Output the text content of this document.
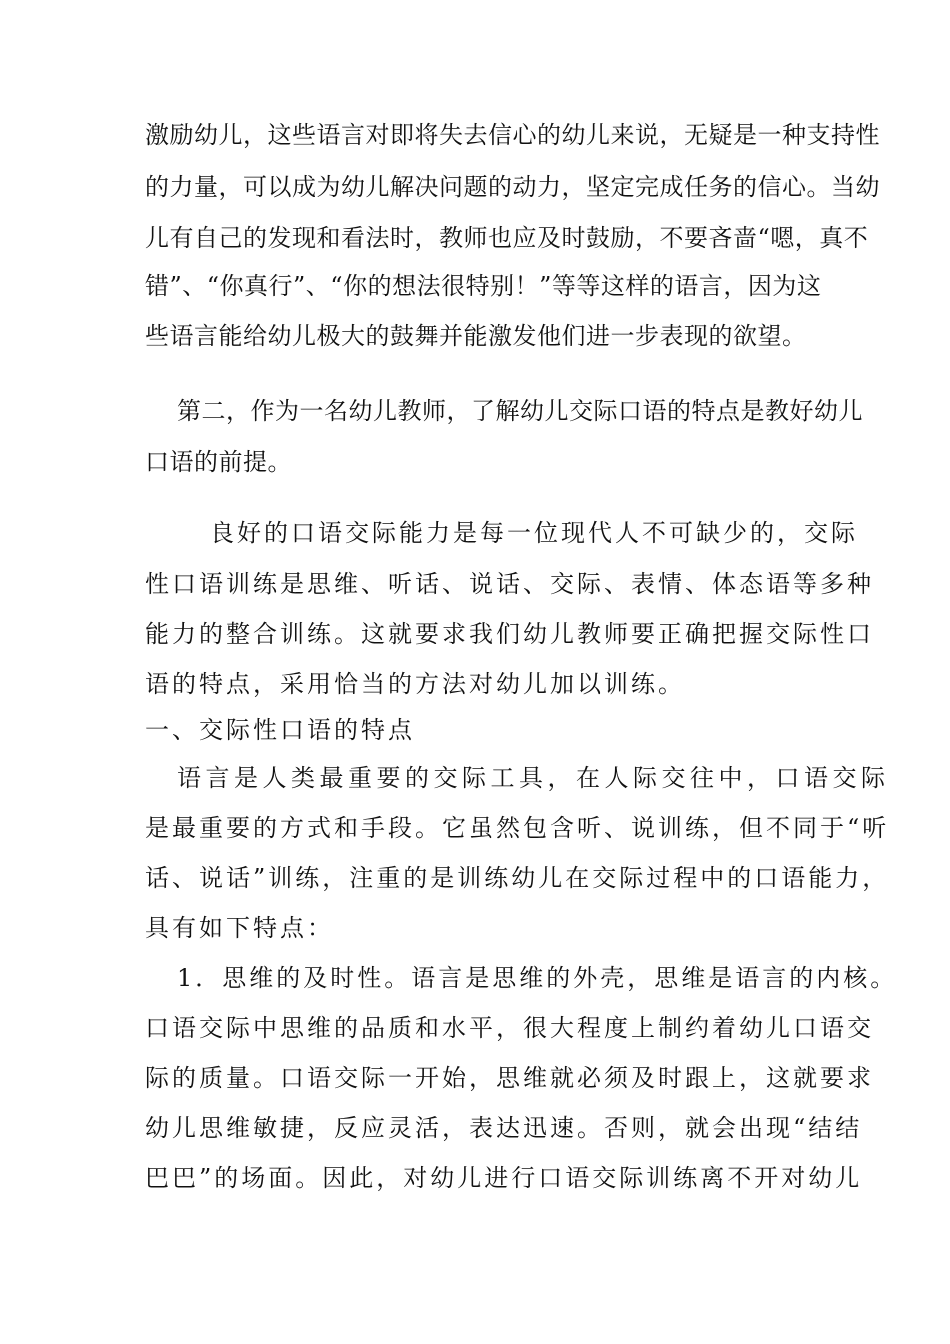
激励幼儿，这些语言对即将失去信心的幼儿来说，无疑是一种支持性
的力量，可以成为幼儿解决问题的动力，坚定完成任务的信心。当幼
儿有自己的发现和看法时，教师也应及时鼓励，不要吝啬“嗯，真不
错”、“你真行”、“你的想法很特别！”等等这样的语言，因为这
些语言能给幼儿极大的鼓舞并能激发他们进一步表现的欲望。
第二，作为一名幼儿教师，了解幼儿交际口语的特点是教好幼儿
口语的前提。
良好的口语交际能力是每一位现代人不可缺少的，交际
性口语训练是思维、听话、说话、交际、表情、体态语等多种
能力的整合训练。这就要求我们幼儿教师要正确把握交际性口
语的特点，采用恰当的方法对幼儿加以训练。
一、交际性口语的特点
语言是人类最重要的交际工具，在人际交往中，口语交际
是最重要的方式和手段。它虽然包含听、说训练，但不同于“听
话、说话”训练，注重的是训练幼儿在交际过程中的口语能力，
具有如下特点：
1．思维的及时性。语言是思维的外壳，思维是语言的内核。
口语交际中思维的品质和水平，很大程度上制约着幼儿口语交
际的质量。口语交际一开始，思维就必须及时跟上，这就要求
幼儿思维敏捷，反应灵活，表达迅速。否则，就会出现“结结
巴巴”的场面。因此，对幼儿进行口语交际训练离不开对幼儿
